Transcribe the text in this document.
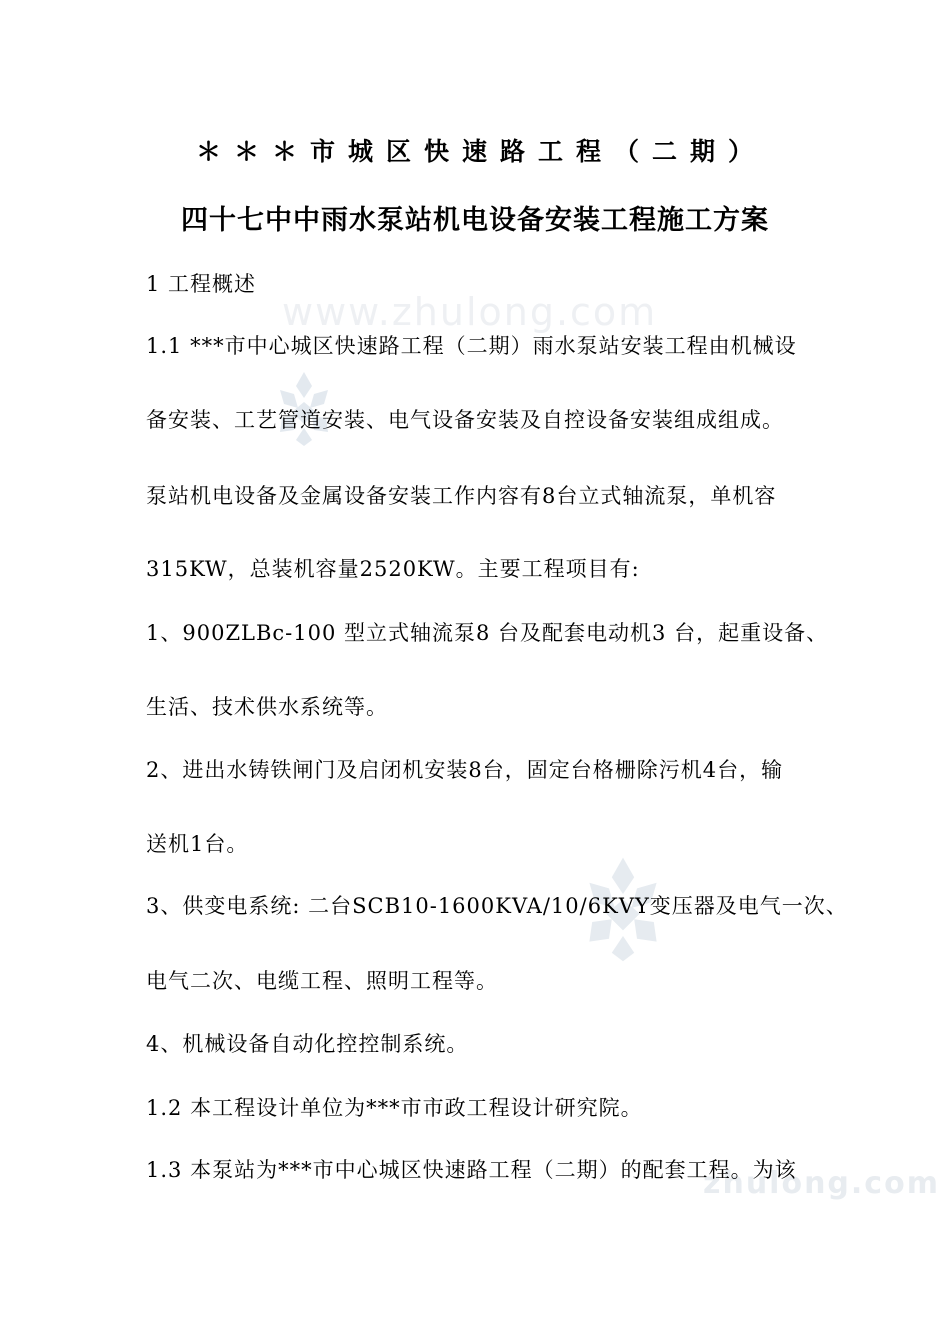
www.zhulong.com
zhulong.com
＊＊＊市城区快速路工程（二期）
四十七中中雨水泵站机电设备安装工程施工方案
1 工程概述
1.1 ***市中心城区快速路工程（二期）雨水泵站安装工程由机械设
备安装、工艺管道安装、电气设备安装及自控设备安装组成组成。
泵站机电设备及金属设备安装工作内容有8台立式轴流泵，单机容
315KW，总装机容量2520KW。主要工程项目有:
1、900ZLBc-100 型立式轴流泵8 台及配套电动机3 台，起重设备、
生活、技术供水系统等。
2、进出水铸铁闸门及启闭机安装8台，固定台格栅除污机4台，输
送机1台。
3、供变电系统: 二台SCB10-1600KVA/10/6KVY变压器及电气一次、
电气二次、电缆工程、照明工程等。
4、机械设备自动化控控制系统。
1.2 本工程设计单位为***市市政工程设计研究院。
1.3 本泵站为***市中心城区快速路工程（二期）的配套工程。为该
